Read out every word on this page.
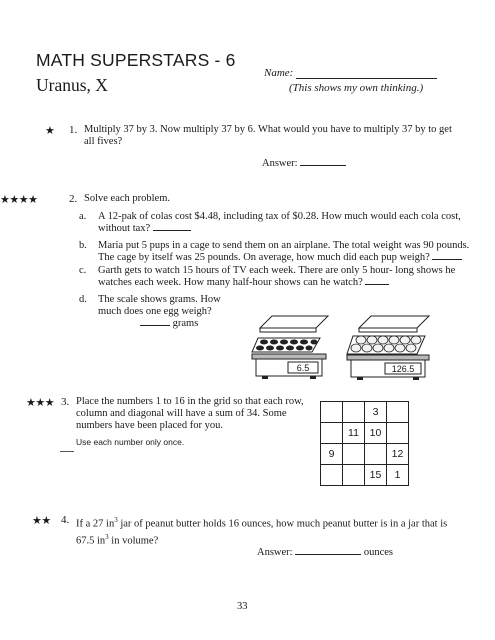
MATH SUPERSTARS - 6
Uranus, X
Name:
(This shows my own thinking.)
★ 1. Multiply 37 by 3. Now multiply 37 by 6. What would you have to multiply 37 by to get
all fives?
Answer:
★★★★	2. Solve each problem.
a. A 12-pak of colas cost $4.48, including tax of $0.28. How much would each cola cost,
without tax?
b. Maria put 5 pups in a cage to send them on an airplane. The total weight was 90 pounds.
The cage by itself was 25 pounds. On average, how much did each pup weigh?
c. Garth gets to watch 15 hours of TV each week. There are only 5 hour- long shows he
watches each week. How many half-hour shows can he watch?
d. The scale shows grams. How
much does one egg weigh?
grams
6.5	126.5
★★★ 3. Place the numbers 1 to 16 in the grid so that each row,
column and diagonal will have a sum of 34. Some
numbers have been placed for you.
Use each number only once.
		3	
	11	10	
9			12
		15	1
★★ 4. If a 27 $in^3$ jar of peanut butter holds 16 ounces, how much peanut butter is in a jar that is
67.5 $in^3$ in volume?
Answer:	ounces
33
